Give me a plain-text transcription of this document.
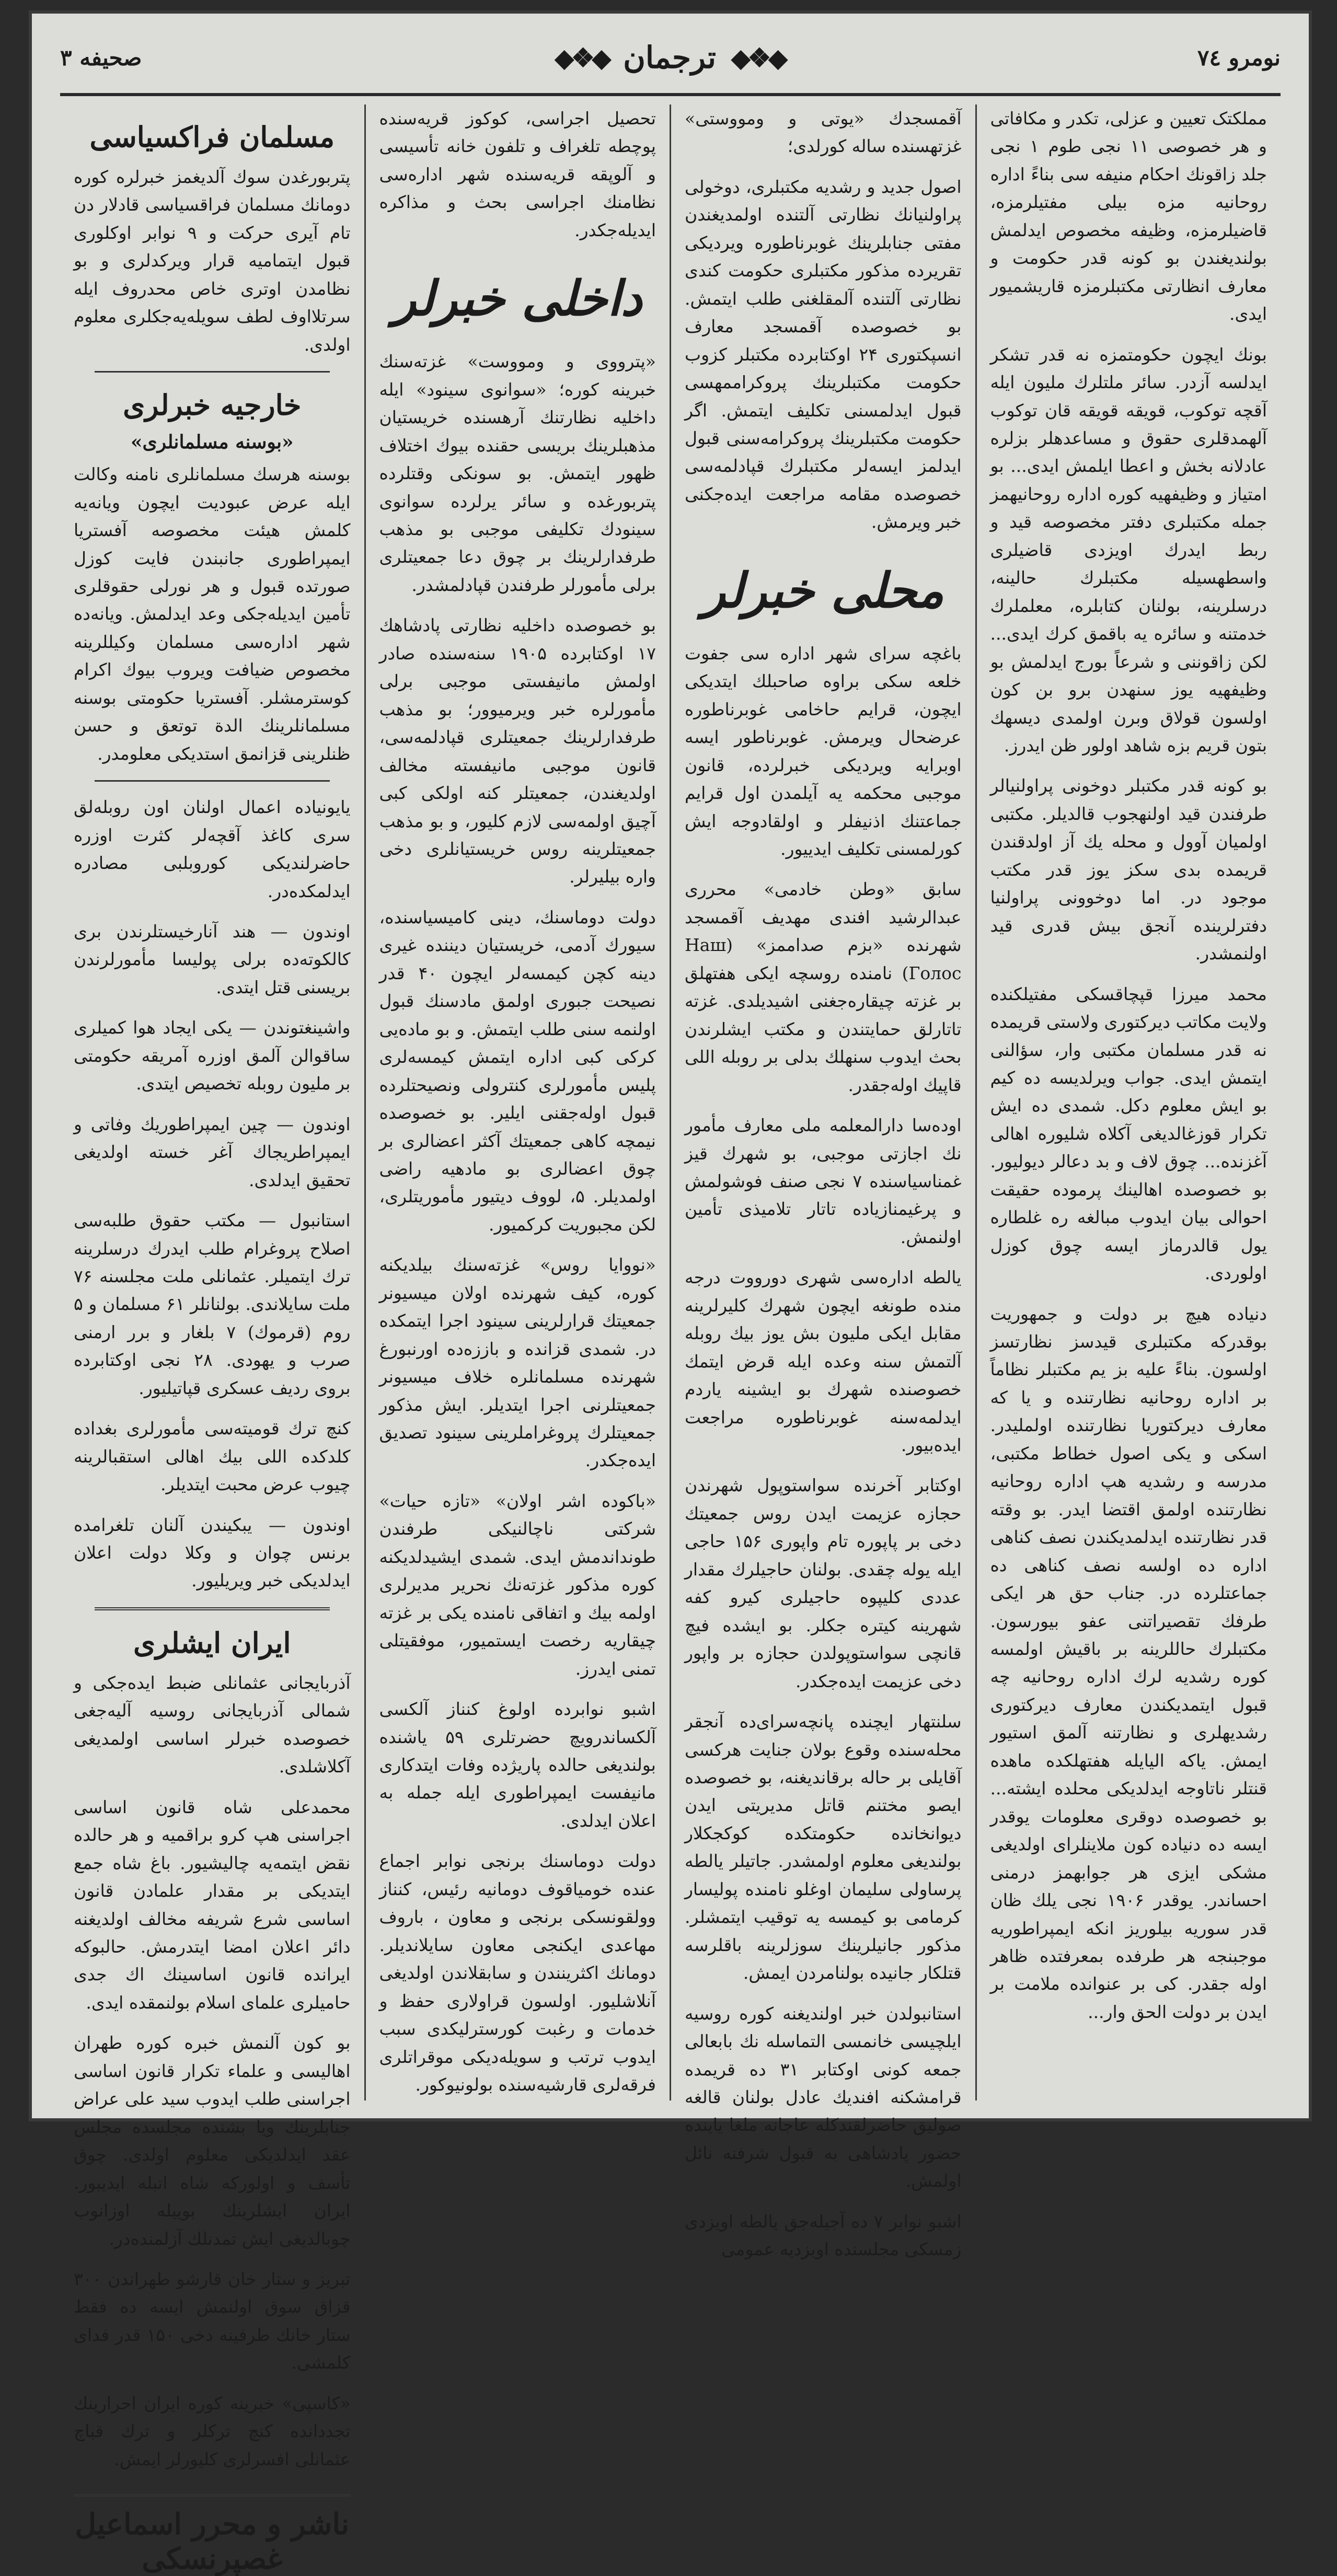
نومرو ٧٤
◆❖◆
ترجمان
◆❖◆
صحيفه ٣

مملکتک تعیین و عزلی، تکدر و مکافاتی و هر خصوصی ۱۱ نجی طوم ۱ نجی جلد زاقونك احکام منیفه سی بناءً اداره روحانیه مزه بیلی مفتیلرمزه، قاضیلرمزه، وظیفه مخصوص ایدلمش بولندیغندن بو کونه قدر حکومت و معارف انظارتی مکتبلرمزه قاریشمیور ایدی.

بونك ایچون حکومتمزه نه قدر تشکر ایدلسه آزدر. سائر ملتلرك ملیون ایله آقچه توکوب، قویقه قویقه قان توکوب آلهمدقلری حقوق و مساعدهلر بزلره عادلانه بخش و اعطا ایلمش ایدی... بو امتیاز و وظیفهیه کوره اداره روحانیهمز جمله مکتبلری دفتر مخصوصه قید و ربط ایدرك اویزدی قاضیلری واسطهسیله مکتبلرك حالینه، درسلرینه، بولنان کتابلره، معلملرك خدمتنه و سائره یه باقمق کرك ایدی... لکن زاقوننی و شرعاً بورج ایدلمش بو وظیفهیه یوز سنهدن برو بن کون اولسون قولاق وبرن اولمدی دیسهك بتون قریم بزه شاهد اولور ظن ایدرز.

بو کونه قدر مکتبلر دوخونی پراولنیالر طرفندن قید اولنهجوب قالدیلر. مکتبی اولمیان آوول و محله یك آز اولدقندن قریمده بدی سکز یوز قدر مکتب موجود در. اما دوخوونی پراولنیا دفترلرینده آنجق بیش قدری قید اولنمشدر.

محمد میرزا قپچاقسکی مفتیلکنده ولایت مکاتب دیرکتوری ولاستی قریمده نه قدر مسلمان مکتبی وار، سؤالنی ایتمش ایدی. جواب ویرلدیسه ده کیم بو ایش معلوم دکل. شمدی ده ایش تکرار قوزغالدیغی آکلاه شلیوره اهالی آغزنده... چوق لاف و بد دعالر دیولیور. بو خصوصده اهالینك پرموده حقیقت احوالی بیان ایدوب مبالغه ره غلطاره یول قالدرماز ایسه چوق کوزل اولوردی.

دنیاده هیچ بر دولت و جمهوریت بوقدرکه مکتبلری قیدسز نظارتسز اولسون. بناءً علیه بز یم مکتبلر نظاماً بر اداره روحانیه نظارتنده و یا که معارف دیرکتوریا نظارتنده اولملیدر. اسکی و یکی اصول خطاط مکتبی، مدرسه و رشدیه هپ اداره روحانیه نظارتنده اولمق اقتضا ایدر. بو وقته قدر نظارتنده ایدلمدیکندن نصف کناهی اداره ده اولسه نصف کناهی ده جماعتلرده در. جناب حق هر ایکی طرفك تقصیراتنی عفو بیورسون. مکتبلرك حاللرینه بر باقیش اولمسه کوره رشدیه لرك اداره روحانیه چه قبول ایتمدیکندن معارف دیرکتوری رشدیهلری و نظارتنه آلمق استیور ایمش. یاکه الیایله هفتهلکده ماهده قنتلر ناتاوجه ایدلدیکی محلده ایشته... بو خصوصده دوقری معلومات یوقدر ایسه ده دنیاده کون ملاینلرای اولدیغی مشکی ایزی هر جوابهمز درمنی احساندر. یوقدر ۱۹۰۶ نجی یلك ظان قدر سوریه بیلوریز انکه ایمپراطوریه موجبنجه هر طرفده بمعرفتده ظاهر اوله جقدر. کی بر عنوانده ملامت بر ایدن بر دولت الحق وار...

آقمسجدك «یوتی و ومووستی» غزتهسنده ساله کورلدی؛

اصول جدید و رشدیه مکتبلری، دوخولی پراولنیانك نظارتی آلتنده اولمدیغندن مفتی جنابلرینك غوبرناطوره ویردیکی تقریرده مذکور مکتبلری حکومت کندی نظارتی آلتنده آلمقلغنی طلب ایتمش. بو خصوصده آقمسجد معارف انسپکتوری ۲۴ اوکتابرده مکتبلر کزوب حکومت مکتبلرینك پروکراممهسی قبول ایدلمسنی تکلیف ایتمش. اگر حکومت مکتبلرینك پروکرامه‌سنی قبول ایدلمز ایسه‌لر مکتبلرك قپادلمه‌سی خصوصده مقامه مراجعت ایده‌جکنی خبر ویرمش.

محلی خبرلر

باغچه سرای شهر اداره سی جفوت خلعه سکی براوه صاحبلك ایتدیکی ایچون، قرایم حاخامی غوبرناطوره عرضحال ویرمش. غوبرناطور ایسه اوبرایه ویردیکی خبرلرده، قانون موجبی محکمه یه آیلمدن اول قرایم جماعتنك اذنیفلر و اولقادوجه ایش کورلمسنی تکلیف ایدییور.

سابق «وطن خادمی» محرری عبدالرشید افندی مهدیف آقمسجد شهرنده «بزم صداممز» (Наш Голос) نامنده روسچه ایکی هفتهلق بر غزته چیقاره‌جغنی اشیدیلدی. غزته تاتارلق حمایتندن و مکتب ایشلرندن بحث ایدوب سنهلك بدلی بر روبله اللی قاپیك اوله‌جقدر.

اوده‌سا دارالمعلمه ملی معارف مأمور نك اجازتی موجبی، بو شهرك قیز غمناسیاسنده ۷ نجی صنف فوشولمش و پرغیمنازیاده تاتار تلامیذی تأمین اولنمش.

یالطه اداره‌سی شهری دورووت درجه منده طونغه ایچون شهرك کلیرلرینه مقابل ایکی ملیون بش یوز بیك روبله آلتمش سنه وعده ایله قرض ایتمك خصوصنده شهرك بو ایشینه یاردم ایدلمه‌سنه غوبرناطوره مراجعت ایده‌بیور.

اوکتابر آخرنده سواستوپول شهرندن حجازه عزیمت ایدن روس جمعیتك دخی بر پاپوره تام واپوری ۱۵۶ حاجی ایله یوله چقدی. بولنان حاجیلرك مقدار عددی کلیپوه حاجیلری کیرو کفه شهرینه کیتره جکلر. بو ایشده فیچ قانچی سواستوپولدن حجازه بر واپور دخی عزیمت ایده‌جکدر.

سلنتهار ایچنده پانچه‌سرای‌ده آنجقر محله‌سنده وقوع بولان جنایت هرکسی آقایلی بر حاله برقاندیغنه، بو خصوصده ایصو مختنم قاتل مدیریتی ایدن دیوانخانده حکومتکده کوکجکلار بولندیغی معلوم اولمشدر. جاتیلر یالطه پرساولی سلیمان اوغلو نامنده پولیسار کرمامی بو کیمسه یه توقیب ایتمشلر. مذکور جانیلرینك سوزلرینه باقلرسه قتلکار جانیده بولنامردن ایمش.

استانبولدن خبر اولندیغنه کوره روسیه ایلچیسی خانمسی التماسله نك بابعالی جمعه کونی اوکتابر ۳۱ ده قریمده قرامشکنه افندیك عادل بولنان قالغه صولیق حاضرلقندکله عاجانه ملغا یاینده حضور پادشاهی به قبول شرفنه نائل اولمش.

اشبو نوابر ۷ ده آجیله‌جق یالطه اویزدی زمسکی مجلسنده اویزدیه عمومی

تحصیل اجراسی، کوکوز قریه‌سنده پوچطه تلغراف و تلفون خانه تأسیسی و آلوپقه قریه‌سنده شهر اداره‌سی نظامنك اجراسی بحث و مذاکره ایدیله‌جکدر.

داخلی خبرلر

«پترووی و ومووست» غزته‌سنك خبرینه کوره؛ «سوانوی سینود» ایله داخلیه نظارتنك آرهسنده خریستیان مذهبلرینك بریسی حقنده بیوك اختلاف ظهور ایتمش. بو سونکی وقتلرده پتربورغده و سائر یرلرده سوانوی سینودك تکلیفی موجبی بو مذهب طرفدارلرینك بر چوق دعا جمعیتلری برلی مأمورلر طرفندن قپادلمشدر.

بو خصوصده داخلیه نظارتی پادشاهك ۱۷ اوکتابرده ۱۹۰۵ سنه‌سنده صادر اولمش مانیفستی موجبی برلی مأمورلره خبر ویرمیوور؛ بو مذهب طرفدارلرینك جمعیتلری قپادلمه‌سی، قانون موجبی مانیفسته مخالف اولدیغندن، جمعیتلر کنه اولکی کبی آچیق اولمه‌سی لازم کلیور، و بو مذهب جمعیتلرینه روس خریستیانلری دخی واره بیلیرلر.

دولت دوماسنك، دینی کامیسیاسنده، سیورك آدمی، خریستیان دیننده غیری دینه کچن کیمسه‌لر ایچون ۴۰ قدر نصیحت جبوری اولمق مادسنك قبول اولنمه سنی طلب ایتمش. و بو ماده‌یی کرکی کبی اداره ایتمش کیمسه‌لری پلیس مأمورلری کنترولی ونصیحتلرده قبول اوله‌جقنی ایلیر. بو خصوصده نیمچه کاهی جمعیتك آکثر اعضالری بر چوق اعضالری بو مادهیه راضی اولمدیلر. ۵، لووف دیتیور مأموریتلری، لکن مجبوریت کرکمیور.

«نووایا روس» غزته‌سنك بیلدیکنه کوره، کیف شهرنده اولان میسیونر جمعیتك قرارلرینی سینود اجرا ایتمکده در. شمدی قزانده و باززه‌ده اورنبورغ شهرنده مسلمانلره خلاف میسیونر جمعیتلرنی اجرا ایتدیلر. ایش مذکور جمعیتلرك پروغراملرینی سینود تصدیق ایده‌جکدر.

«باکوده اشر اولان» «تازه حیات» شرکتی ناچالنیکی طرفندن طونداندمش ایدی. شمدی ایشیدلدیکنه کوره مذکور غزته‌نك نحریر مدیرلری اولمه بیك و اتفاقی نامنده یکی بر غزته چیقاریه رخصت ایستمیور، موفقیتلی تمنی ایدرز.

اشبو نوابرده اولوغ کنناز آلکسی آلکساندرویچ حضرتلری ۵۹ یاشنده بولندیغی حالده پاریژده وفات ایتدکاری مانیفست ایمپراطوری ایله جمله به اعلان ایدلدی.

دولت دوماسنك برنجی نوابر اجماع عنده خومیاقوف دومانیه رئیس، کنناز وولقونسکی برنجی و معاون ، باروف مهاعدی ایکنجی معاون سایلاندیلر. دومانك اکثرینندن و سابقلاندن اولدیغی آنلاشلیور. اولسون قراولاری حفظ و خدمات و رغبت کورسترلیکدی سبب ایدوب ترتب و سویله‌دیکی موقراتلری فرقه‌لری قارشیه‌سنده بولونیوکور.

مسلمان فراکسیاسی

پتربورغدن سوك آلدیغمز خبرلره کوره دومانك مسلمان فراقسیاسی قادلار دن تام آیری حرکت و ۹ نوابر اوکلوری قبول ایتمامیه قرار ویرکدلری و بو نظامدن اوتری خاص محدروف ایله سرتلااوف لطف سویله‌یه‌جکلری معلوم اولدی.

خارجیه خبرلری
«بوسنه مسلمانلری»

بوسنه هرسك مسلمانلری نامنه وکالت ایله عرض عبودیت ایچون ویانه‌یه کلمش هیئت مخصوصه آفستریا ایمپراطوری جانبندن فایت کوزل صورتده قبول و هر نورلی حقوقلری تأمین ایدیله‌جکی وعد ایدلمش. ویانه‌ده شهر اداره‌سی مسلمان وکیللرینه مخصوص ضیافت ویروب بیوك اکرام کوسترمشلر. آفستریا حکومتی بوسنه مسلمانلرینك الدة توتعق و حسن ظنلرینی قزانمق استدیکی معلومدر.

یایونیاده اعمال اولنان اون روبله‌لق سری کاغذ آقچه‌لر کثرت اوزره حاضرلندیکی کوروبلبی مصادره ایدلمکده‌در.

اوندون — هند آنارخیستلرندن بری کالکوته‌ده برلی پولیسا مأمورلرندن بریسنی قتل ایتدی.

واشینغتوندن — یکی ایجاد هوا کمیلری ساقوالن آلمق اوزره آمریقه حکومتی بر ملیون روبله تخصیص ایتدی.

اوندون — چین ایمپراطوریك وفاتی و ایمپراطریجاك آغر خسته اولدیغی تحقیق ایدلدی.

استانبول — مکتب حقوق طلبه‌سی اصلاح پروغرام طلب ایدرك درسلرینه ترك ایتمیلر. عثمانلی ملت مجلسنه ۷۶ ملت سایلاندی. بولنانلر ۶۱ مسلمان و ۵ روم (قرموك) ۷ بلغار و برر ارمنی صرب و یهودی. ۲۸ نجی اوکتابرده بروی ردیف عسکری قپاتیلیور.

کنچ ترك قومیته‌سی مأمورلری بغداده کلدکده اللی بیك اهالی استقبالرینه چیوب عرض محبت ایتدیلر.

اوندون — یبکیندن آلنان تلغرامده برنس چوان و وکلا دولت اعلان ایدلدیکی خبر ویریلیور.

ایران ایشلری

آذربایجانی عثمانلی ضبط ایده‌جکی و شمالی آذربایجانی روسیه آلیه‌جغی خصوصده خبرلر اساسی اولمدیغی آکلاشلدی.

محمدعلی شاه قانون اساسی اجراسنی هپ کرو براقمیه و هر حالده نقض ایتمه‌یه چالیشیور. باغ شاه جمع ایتدیکی بر مقدار علمادن قانون اساسی شرع شریفه مخالف اولدیغنه دائر اعلان امضا ایتدرمش. حالبوکه ایرانده قانون اساسینك اك جدی حامیلری علمای اسلام بولنمقده ایدی.

بو کون آلنمش خبره کوره طهران اهالیسی و علماء تکرار قانون اساسی اجراسنی طلب ایدوب سید علی عراض جنابلرینك ویا بشنده مجلسده مجلس عقد ایدلدیکی معلوم اولدی. چوق تأسف و اولورکه شاه اتبله ایدیبور. ایران ایشلرینك بوییله اوزانوب چوبالدیغی ایش تمدنلك آزلمنده‌در.

تبریز و ستار خان قارشو طهراندن ۳۰۰ قزاق سوق اولنمش ایسه ده فقط ستار خانك طرفینه دخی ۱۵۰ قدر فدای کلمشی.

«کاسپی» خبرینه کوره ایران احرارینك تجددانده کنچ ترکلر و ترك قباچ عثمانلی افسرلری کلیورلر ایمش.

ناشر و محرر اسماعیل غصپرنسکی
